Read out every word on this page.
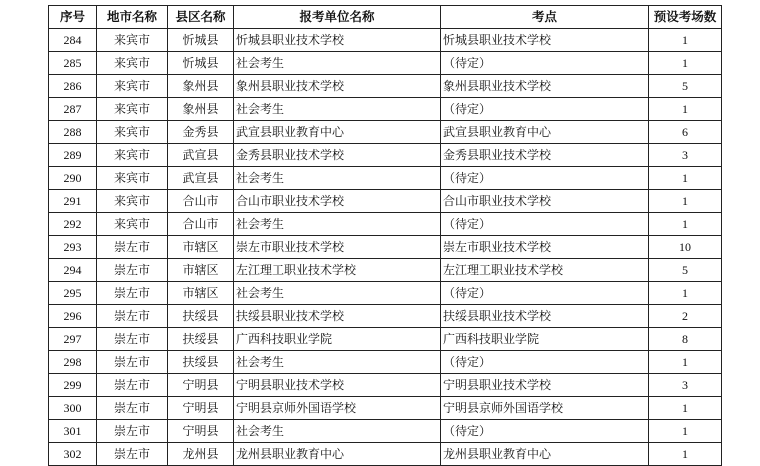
序号	地市名称	县区名称	报考单位名称	考点	预设考场数
284	来宾市	忻城县	忻城县职业技术学校	忻城县职业技术学校	1
285	来宾市	忻城县	社会考生	（待定）	1
286	来宾市	象州县	象州县职业技术学校	象州县职业技术学校	5
287	来宾市	象州县	社会考生	（待定）	1
288	来宾市	金秀县	武宣县职业教育中心	武宣县职业教育中心	6
289	来宾市	武宣县	金秀县职业技术学校	金秀县职业技术学校	3
290	来宾市	武宣县	社会考生	（待定）	1
291	来宾市	合山市	合山市职业技术学校	合山市职业技术学校	1
292	来宾市	合山市	社会考生	（待定）	1
293	崇左市	市辖区	崇左市职业技术学校	崇左市职业技术学校	10
294	崇左市	市辖区	左江理工职业技术学校	左江理工职业技术学校	5
295	崇左市	市辖区	社会考生	（待定）	1
296	崇左市	扶绥县	扶绥县职业技术学校	扶绥县职业技术学校	2
297	崇左市	扶绥县	广西科技职业学院	广西科技职业学院	8
298	崇左市	扶绥县	社会考生	（待定）	1
299	崇左市	宁明县	宁明县职业技术学校	宁明县职业技术学校	3
300	崇左市	宁明县	宁明县京师外国语学校	宁明县京师外国语学校	1
301	崇左市	宁明县	社会考生	（待定）	1
302	崇左市	龙州县	龙州县职业教育中心	龙州县职业教育中心	1
